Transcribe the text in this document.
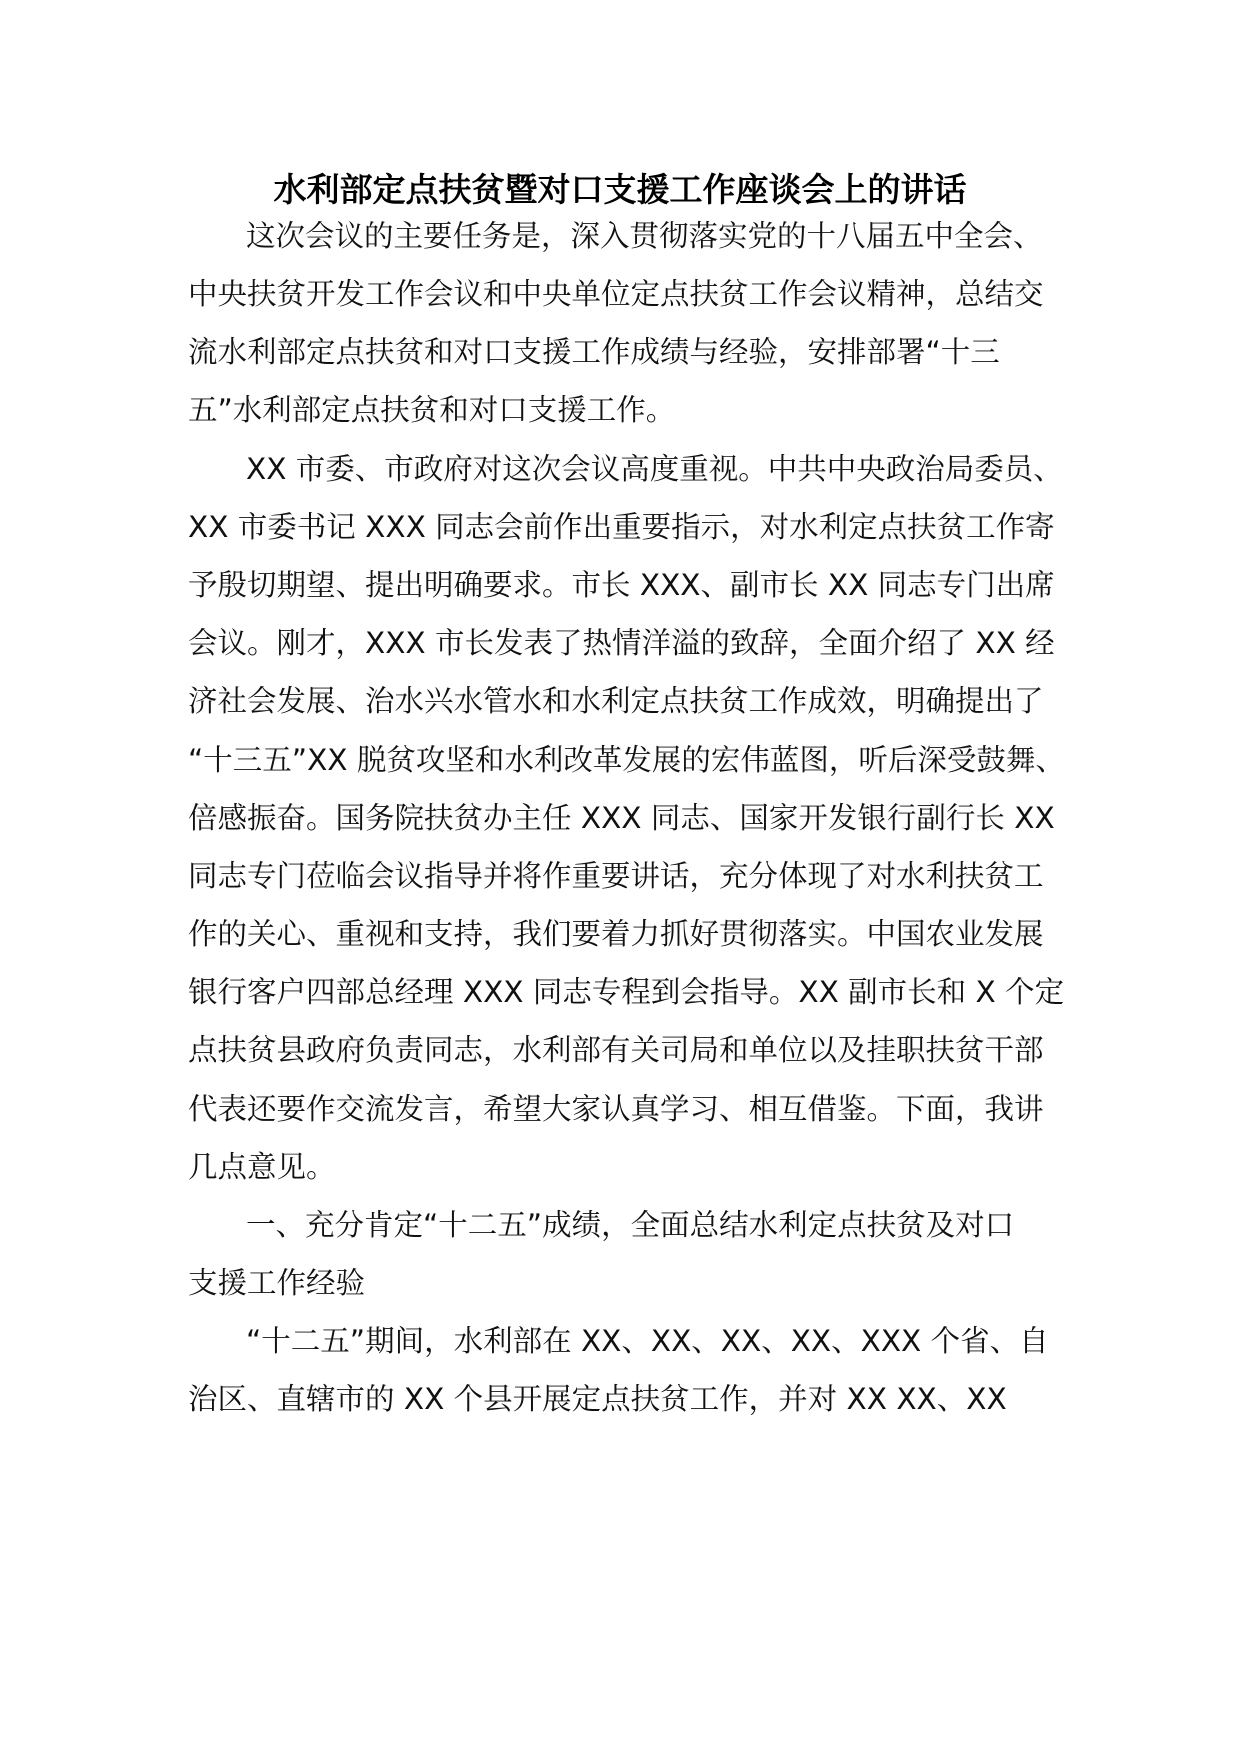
水利部定点扶贫暨对口支援工作座谈会上的讲话
这次会议的主要任务是，深入贯彻落实党的十八届五中全会、
中央扶贫开发工作会议和中央单位定点扶贫工作会议精神，总结交
流水利部定点扶贫和对口支援工作成绩与经验，安排部署“十三
五”水利部定点扶贫和对口支援工作。
XX 市委、市政府对这次会议高度重视。中共中央政治局委员、
XX 市委书记 XXX 同志会前作出重要指示，对水利定点扶贫工作寄
予殷切期望、提出明确要求。市长 XXX、副市长 XX 同志专门出席
会议。刚才，XXX 市长发表了热情洋溢的致辞，全面介绍了 XX 经
济社会发展、治水兴水管水和水利定点扶贫工作成效，明确提出了
“十三五”XX 脱贫攻坚和水利改革发展的宏伟蓝图，听后深受鼓舞、
倍感振奋。国务院扶贫办主任 XXX 同志、国家开发银行副行长 XX
同志专门莅临会议指导并将作重要讲话，充分体现了对水利扶贫工
作的关心、重视和支持，我们要着力抓好贯彻落实。中国农业发展
银行客户四部总经理 XXX 同志专程到会指导。XX 副市长和 X 个定
点扶贫县政府负责同志，水利部有关司局和单位以及挂职扶贫干部
代表还要作交流发言，希望大家认真学习、相互借鉴。下面，我讲
几点意见。
一、充分肯定“十二五”成绩，全面总结水利定点扶贫及对口
支援工作经验
“十二五”期间，水利部在 XX、XX、XX、XX、XXX 个省、自
治区、直辖市的 XX 个县开展定点扶贫工作，并对 XX XX、XX
